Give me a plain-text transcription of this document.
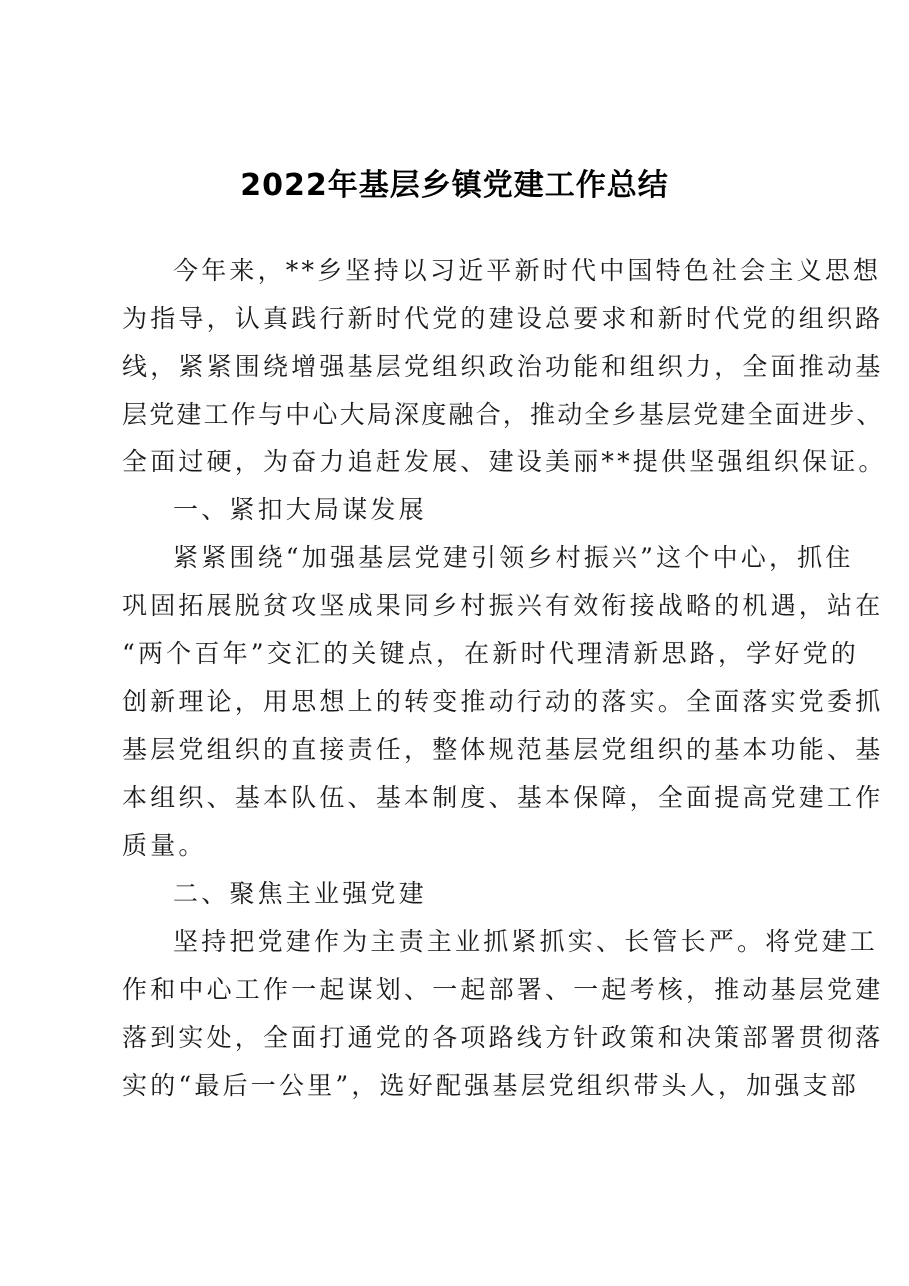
2022年基层乡镇党建工作总结
今年来，**乡坚持以习近平新时代中国特色社会主义思想
为指导，认真践行新时代党的建设总要求和新时代党的组织路
线，紧紧围绕增强基层党组织政治功能和组织力，全面推动基
层党建工作与中心大局深度融合，推动全乡基层党建全面进步、
全面过硬，为奋力追赶发展、建设美丽**提供坚强组织保证。
一、紧扣大局谋发展
紧紧围绕“加强基层党建引领乡村振兴”这个中心，抓住
巩固拓展脱贫攻坚成果同乡村振兴有效衔接战略的机遇，站在
“两个百年”交汇的关键点，在新时代理清新思路，学好党的
创新理论，用思想上的转变推动行动的落实。全面落实党委抓
基层党组织的直接责任，整体规范基层党组织的基本功能、基
本组织、基本队伍、基本制度、基本保障，全面提高党建工作
质量。
二、聚焦主业强党建
坚持把党建作为主责主业抓紧抓实、长管长严。将党建工
作和中心工作一起谋划、一起部署、一起考核，推动基层党建
落到实处，全面打通党的各项路线方针政策和决策部署贯彻落
实的“最后一公里”，选好配强基层党组织带头人，加强支部
